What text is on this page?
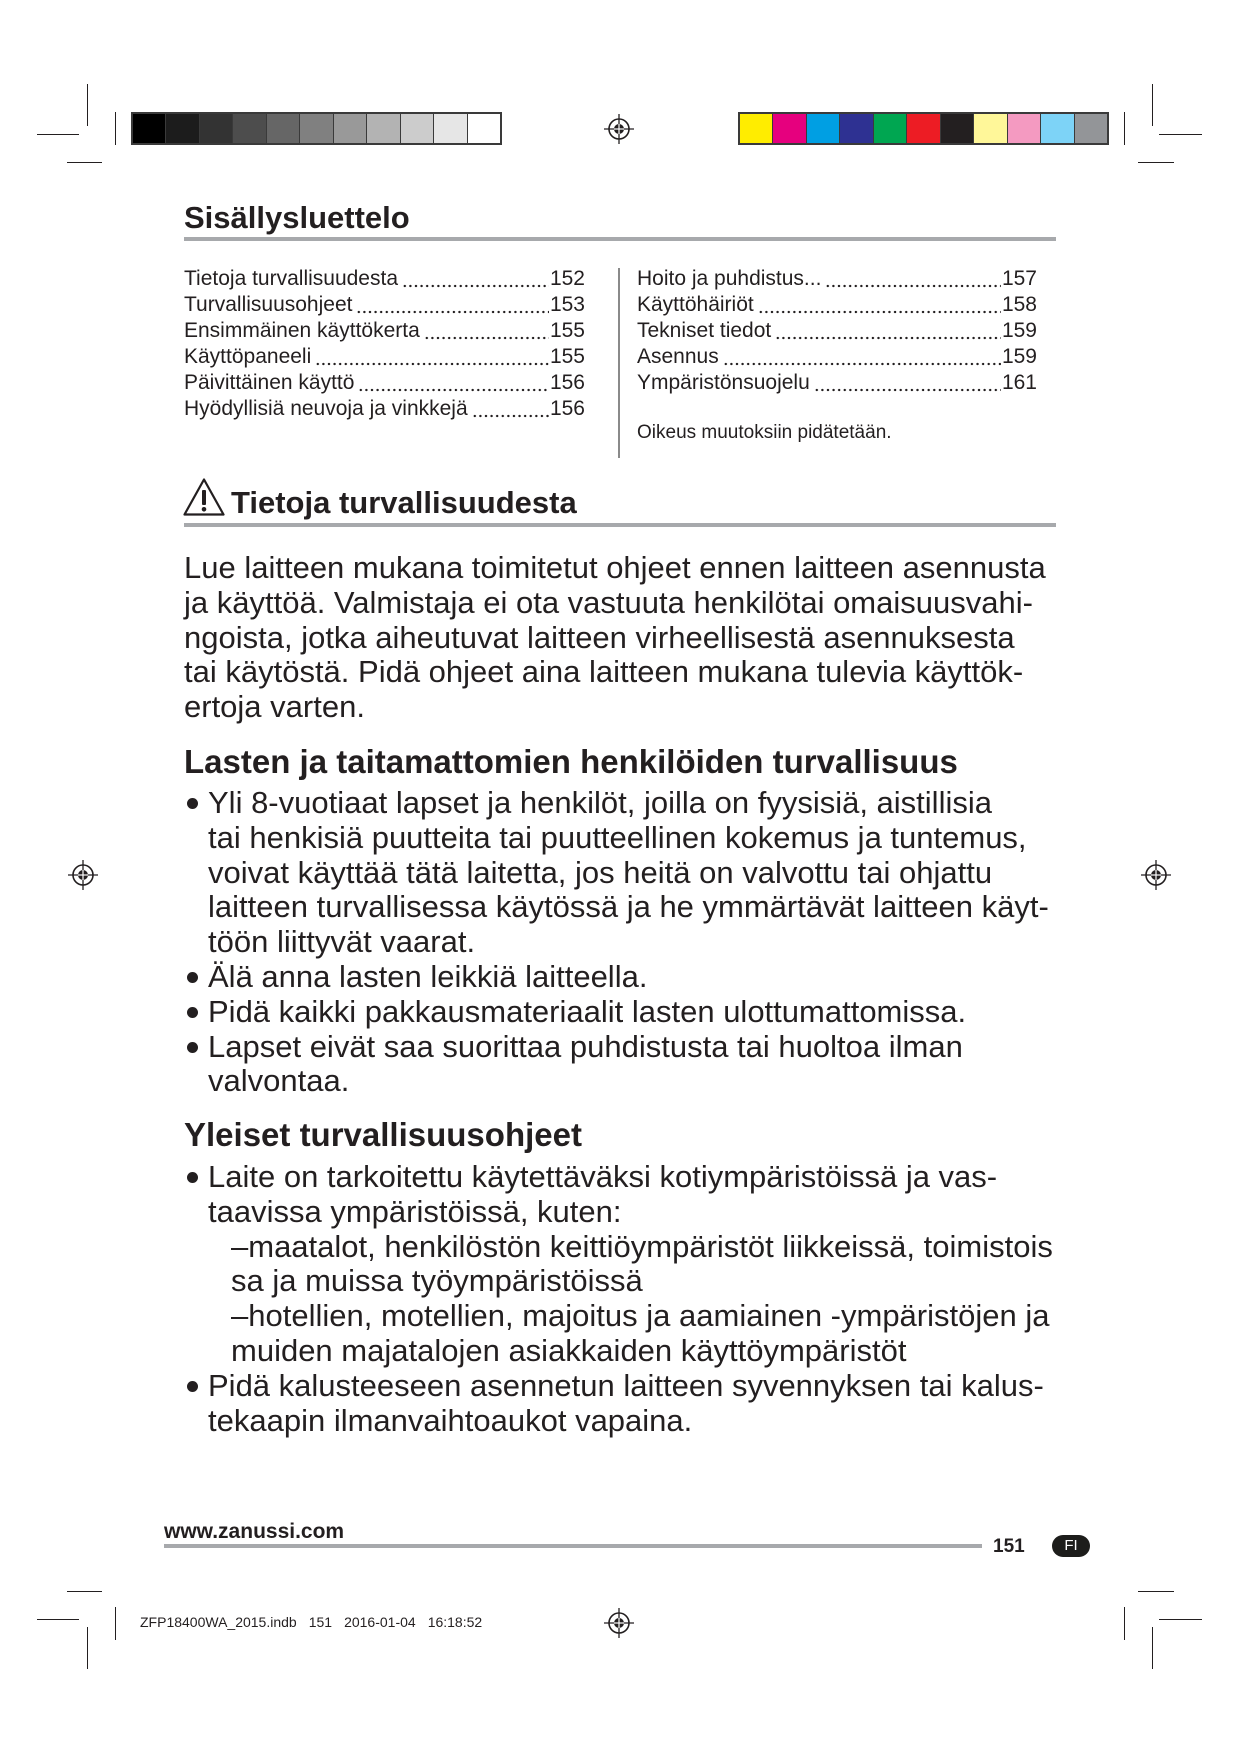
Sisällysluettelo
Tietoja turvallisuudesta	152
Turvallisuusohjeet	153
Ensimmäinen käyttökerta	155
Käyttöpaneeli	155
Päivittäinen käyttö	156
Hyödyllisiä neuvoja ja vinkkejä	156
Hoito ja puhdistus...	157
Käyttöhäiriöt	158
Tekniset tiedot	159
Asennus	159
Ympäristönsuojelu	161
Oikeus muutoksiin pidätetään.
Tietoja turvallisuudesta
Lue laitteen mukana toimitetut ohjeet ennen laitteen asennusta
ja käyttöä. Valmistaja ei ota vastuuta henkilötai omaisuusvahi-
ngoista, jotka aiheutuvat laitteen virheellisestä asennuksesta
tai käytöstä. Pidä ohjeet aina laitteen mukana tulevia käyttök-
ertoja varten.
Lasten ja taitamattomien henkilöiden turvallisuus
Yli 8-vuotiaat lapset ja henkilöt, joilla on fyysisiä, aistillisia
tai henkisiä puutteita tai puutteellinen kokemus ja tuntemus,
voivat käyttää tätä laitetta, jos heitä on valvottu tai ohjattu
laitteen turvallisessa käytössä ja he ymmärtävät laitteen käyt-
töön liittyvät vaarat.
Älä anna lasten leikkiä laitteella.
Pidä kaikki pakkausmateriaalit lasten ulottumattomissa.
Lapset eivät saa suorittaa puhdistusta tai huoltoa ilman
valvontaa.
Yleiset turvallisuusohjeet
Laite on tarkoitettu käytettäväksi kotiympäristöissä ja vas-
taavissa ympäristöissä, kuten:
–maatalot, henkilöstön keittiöympäristöt liikkeissä, toimistois
sa ja muissa työympäristöissä
–hotellien, motellien, majoitus ja aamiainen -ympäristöjen ja
muiden majatalojen asiakkaiden käyttöympäristöt
Pidä kalusteeseen asennetun laitteen syvennyksen tai kalus-
tekaapin ilmanvaihtoaukot vapaina.
www.zanussi.com
151	FI
ZFP18400WA_2015.indb 151 2016-01-04 16:18:52
